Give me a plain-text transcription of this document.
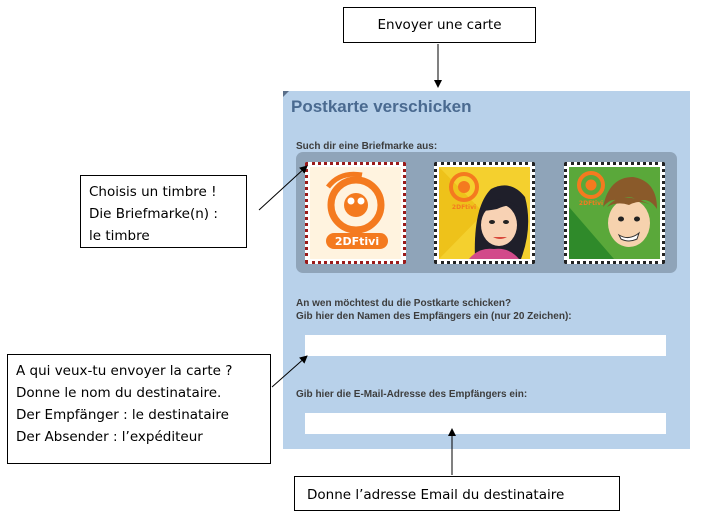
Envoyer une carte
Choisis un timbre !
Die Briefmarke(n) :
le timbre
A qui veux-tu envoyer la carte ?
Donne le nom du destinataire.
Der Empfänger : le destinataire
Der Absender : l’expéditeur
Donne l’adresse Email du destinataire
Postkarte verschicken
Such dir eine Briefmarke aus:
2DFtivi
2DFtivi
2DFtivi
An wen möchtest du die Postkarte schicken?
Gib hier den Namen des Empfängers ein (nur 20 Zeichen):
Gib hier die E-Mail-Adresse des Empfängers ein:
